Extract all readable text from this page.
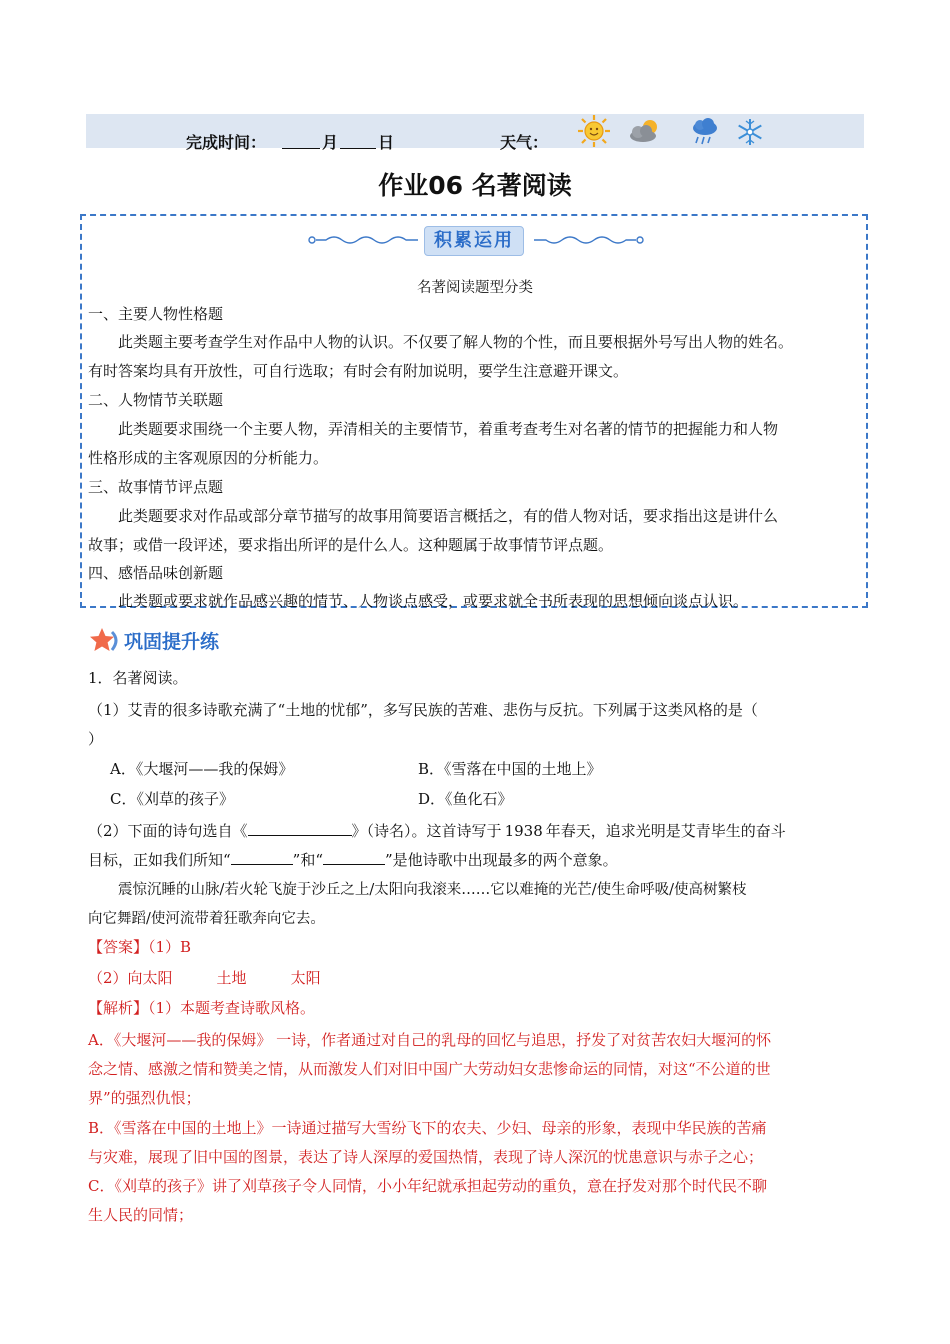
完成时间：	月 日	天气：
作业06 名著阅读
积累运用
名著阅读题型分类
一、主要人物性格题
此类题主要考查学生对作品中人物的认识。不仅要了解人物的个性，而且要根据外号写出人物的姓名。
有时答案均具有开放性，可自行选取；有时会有附加说明，要学生注意避开课文。
二、人物情节关联题
此类题要求围绕一个主要人物，弄清相关的主要情节，着重考查考生对名著的情节的把握能力和人物
性格形成的主客观原因的分析能力。
三、故事情节评点题
此类题要求对作品或部分章节描写的故事用简要语言概括之，有的借人物对话，要求指出这是讲什么
故事；或借一段评述，要求指出所评的是什么人。这种题属于故事情节评点题。
四、感悟品味创新题
此类题或要求就作品感兴趣的情节、人物谈点感受，或要求就全书所表现的思想倾向谈点认识。
巩固提升练
1．名著阅读。
（1）艾青的很多诗歌充满了“土地的忧郁”，多写民族的苦难、悲伤与反抗。下列属于这类风格的是（
）
A．《大堰河——我的保姆》	B．《雪落在中国的土地上》
C．《刈草的孩子》	D．《鱼化石》
（2）下面的诗句选自《	》（诗名）。这首诗写于 1938 年春天，追求光明是艾青毕生的奋斗
目标，正如我们所知“	”和“	”是他诗歌中出现最多的两个意象。
震惊沉睡的山脉/若火轮飞旋于沙丘之上/太阳向我滚来……它以难掩的光芒/使生命呼吸/使高树繁枝
向它舞蹈/使河流带着狂歌奔向它去。
【答案】（1）B
（2）向太阳	土地	太阳
【解析】（1）本题考查诗歌风格。
A．《大堰河——我的保姆》 一诗，作者通过对自己的乳母的回忆与追思，抒发了对贫苦农妇大堰河的怀
念之情、感激之情和赞美之情，从而激发人们对旧中国广大劳动妇女悲惨命运的同情，对这“不公道的世
界”的强烈仇恨；
B．《雪落在中国的土地上》一诗通过描写大雪纷飞下的农夫、少妇、母亲的形象，表现中华民族的苦痛
与灾难，展现了旧中国的图景，表达了诗人深厚的爱国热情，表现了诗人深沉的忧患意识与赤子之心；
C．《刈草的孩子》讲了刈草孩子令人同情，小小年纪就承担起劳动的重负，意在抒发对那个时代民不聊
生人民的同情；
